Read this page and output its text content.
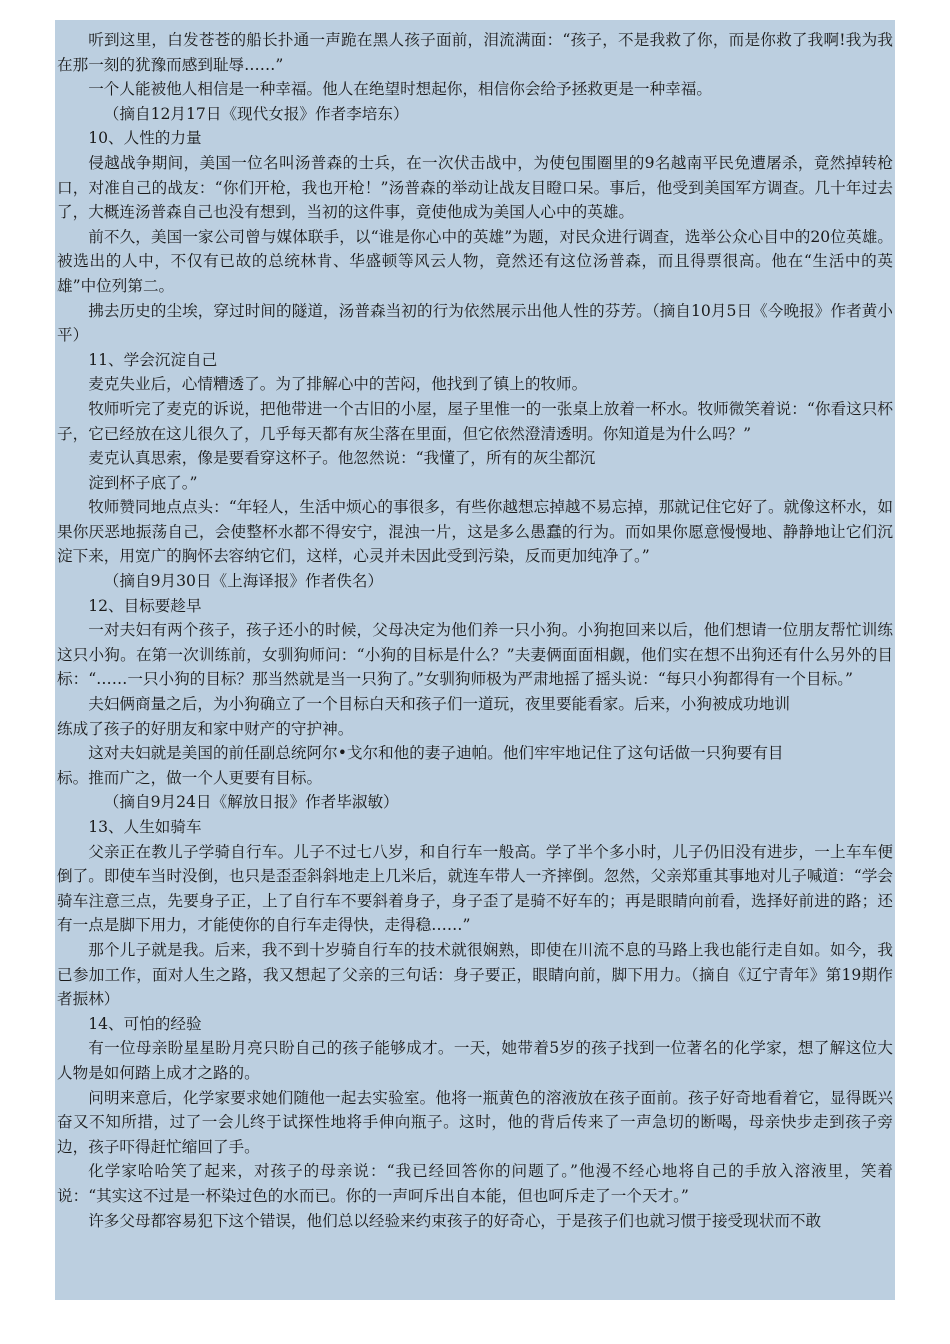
听到这里，白发苍苍的船长扑通一声跪在黑人孩子面前，泪流满面：“孩子，不是我救了你，而是你救了我啊!我为我在那一刻的犹豫而感到耻辱……”

一个人能被他人相信是一种幸福。他人在绝望时想起你，相信你会给予拯救更是一种幸福。

（摘自12月17日《现代女报》作者李培东）

10、人性的力量

侵越战争期间，美国一位名叫汤普森的士兵，在一次伏击战中，为使包围圈里的9名越南平民免遭屠杀，竟然掉转枪口，对准自己的战友：“你们开枪，我也开枪！”汤普森的举动让战友目瞪口呆。事后，他受到美国军方调查。几十年过去了，大概连汤普森自己也没有想到，当初的这件事，竟使他成为美国人心中的英雄。

前不久，美国一家公司曾与媒体联手，以“谁是你心中的英雄”为题，对民众进行调查，选举公众心目中的20位英雄。被选出的人中，不仅有已故的总统林肯、华盛顿等风云人物，竟然还有这位汤普森，而且得票很高。他在“生活中的英雄”中位列第二。

拂去历史的尘埃，穿过时间的隧道，汤普森当初的行为依然展示出他人性的芬芳。（摘自10月5日《今晚报》作者黄小平）

11、学会沉淀自己

麦克失业后，心情糟透了。为了排解心中的苦闷，他找到了镇上的牧师。

牧师听完了麦克的诉说，把他带进一个古旧的小屋，屋子里惟一的一张桌上放着一杯水。牧师微笑着说：“你看这只杯子，它已经放在这儿很久了，几乎每天都有灰尘落在里面，但它依然澄清透明。你知道是为什么吗？”

麦克认真思索，像是要看穿这杯子。他忽然说：“我懂了，所有的灰尘都沉

淀到杯子底了。”

牧师赞同地点点头：“年轻人，生活中烦心的事很多，有些你越想忘掉越不易忘掉，那就记住它好了。就像这杯水，如果你厌恶地振荡自己，会使整杯水都不得安宁，混浊一片，这是多么愚蠢的行为。而如果你愿意慢慢地、静静地让它们沉淀下来，用宽广的胸怀去容纳它们，这样，心灵并未因此受到污染，反而更加纯净了。”

（摘自9月30日《上海译报》作者佚名）

12、目标要趁早

一对夫妇有两个孩子，孩子还小的时候，父母决定为他们养一只小狗。小狗抱回来以后，他们想请一位朋友帮忙训练这只小狗。在第一次训练前，女驯狗师问：“小狗的目标是什么？”夫妻俩面面相觑，他们实在想不出狗还有什么另外的目标：“……一只小狗的目标？那当然就是当一只狗了。”女驯狗师极为严肃地摇了摇头说：“每只小狗都得有一个目标。”

夫妇俩商量之后，为小狗确立了一个目标白天和孩子们一道玩，夜里要能看家。后来，小狗被成功地训

练成了孩子的好朋友和家中财产的守护神。

这对夫妇就是美国的前任副总统阿尔•戈尔和他的妻子迪帕。他们牢牢地记住了这句话做一只狗要有目

标。推而广之，做一个人更要有目标。

（摘自9月24日《解放日报》作者毕淑敏）

13、人生如骑车

父亲正在教儿子学骑自行车。儿子不过七八岁，和自行车一般高。学了半个多小时，儿子仍旧没有进步，一上车车便倒了。即使车当时没倒，也只是歪歪斜斜地走上几米后，就连车带人一齐摔倒。忽然，父亲郑重其事地对儿子喊道：“学会骑车注意三点，先要身子正，上了自行车不要斜着身子，身子歪了是骑不好车的；再是眼睛向前看，选择好前进的路；还有一点是脚下用力，才能使你的自行车走得快，走得稳……”

那个儿子就是我。后来，我不到十岁骑自行车的技术就很娴熟，即使在川流不息的马路上我也能行走自如。如今，我已参加工作，面对人生之路，我又想起了父亲的三句话：身子要正，眼睛向前，脚下用力。（摘自《辽宁青年》第19期作者振林）

14、可怕的经验

有一位母亲盼星星盼月亮只盼自己的孩子能够成才。一天，她带着5岁的孩子找到一位著名的化学家，想了解这位大人物是如何踏上成才之路的。

问明来意后，化学家要求她们随他一起去实验室。他将一瓶黄色的溶液放在孩子面前。孩子好奇地看着它，显得既兴奋又不知所措，过了一会儿终于试探性地将手伸向瓶子。这时，他的背后传来了一声急切的断喝，母亲快步走到孩子旁边，孩子吓得赶忙缩回了手。

化学家哈哈笑了起来，对孩子的母亲说：“我已经回答你的问题了。”他漫不经心地将自己的手放入溶液里，笑着说：“其实这不过是一杯染过色的水而已。你的一声呵斥出自本能，但也呵斥走了一个天才。”

许多父母都容易犯下这个错误，他们总以经验来约束孩子的好奇心，于是孩子们也就习惯于接受现状而不敢
